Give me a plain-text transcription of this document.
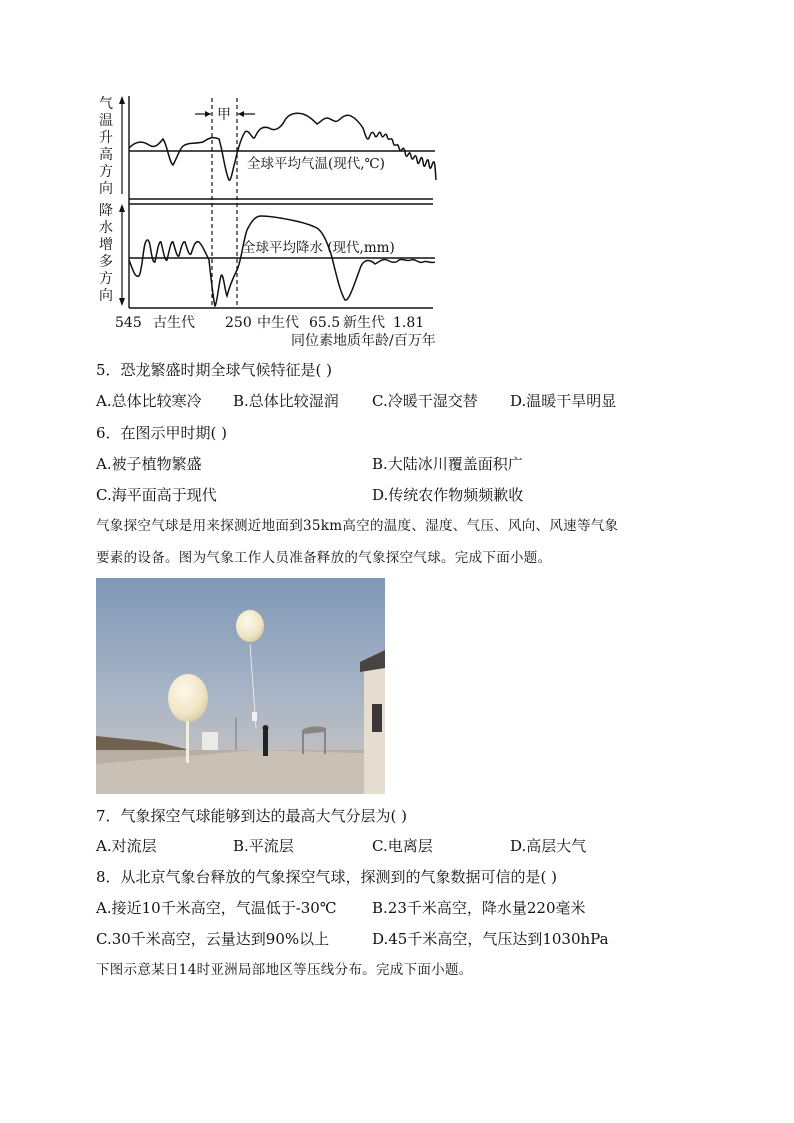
气
温
升
高
方
向
降
水
增
多
方
向
甲
全球平均气温(现代,℃)
全球平均降水 (现代,mm)
545 古生代 250 中生代 65.5 新生代 1.81
同位素地质年龄/百万年
5．恐龙繁盛时期全球气候特征是( )
A.总体比较寒冷 B.总体比较湿润 C.冷暖干湿交替 D.温暖干旱明显
6．在图示甲时期( )
A.被子植物繁盛	B.大陆冰川覆盖面积广
C.海平面高于现代	D.传统农作物频频歉收
气象探空气球是用来探测近地面到35km高空的温度、湿度、气压、风向、风速等气象
要素的设备。图为气象工作人员准备释放的气象探空气球。完成下面小题。
7．气象探空气球能够到达的最高大气分层为( )
A.对流层	B.平流层	C.电离层	D.高层大气
8．从北京气象台释放的气象探空气球，探测到的气象数据可信的是( )
A.接近10千米高空，气温低于-30℃ B.23千米高空，降水量220毫米
C.30千米高空，云量达到90%以上	D.45千米高空，气压达到1030hPa
下图示意某日14时亚洲局部地区等压线分布。完成下面小题。
